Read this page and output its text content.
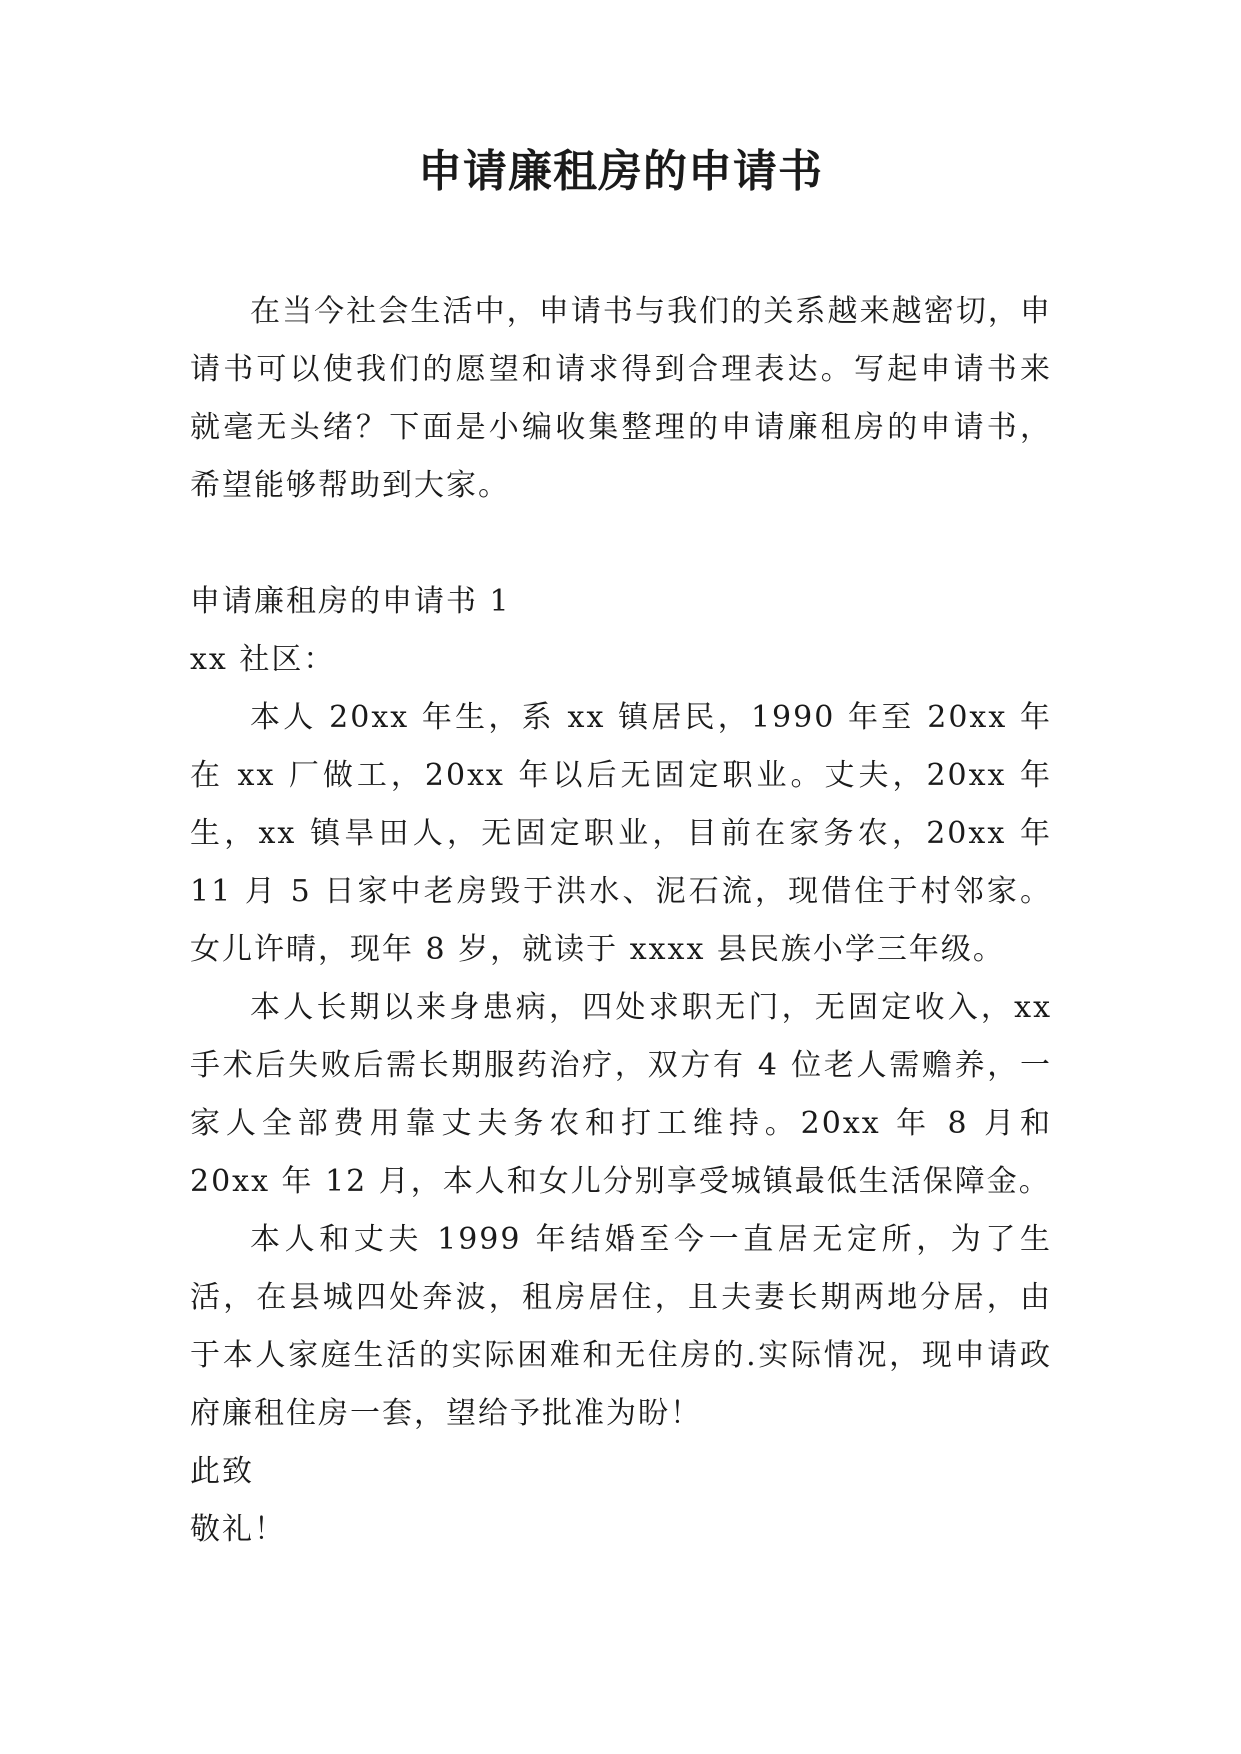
申请廉租房的申请书

在当今社会生活中，申请书与我们的关系越来越密切，申请书可以使我们的愿望和请求得到合理表达。写起申请书来就毫无头绪？下面是小编收集整理的申请廉租房的申请书，希望能够帮助到大家。

申请廉租房的申请书 1

xx 社区：

本人 20xx 年生，系 xx 镇居民，1990 年至 20xx 年在 xx 厂做工，20xx 年以后无固定职业。丈夫，20xx 年生，xx 镇旱田人，无固定职业，目前在家务农，20xx 年 11 月 5 日家中老房毁于洪水、泥石流，现借住于村邻家。女儿许晴，现年 8 岁，就读于 xxxx 县民族小学三年级。

本人长期以来身患病，四处求职无门，无固定收入，xx 手术后失败后需长期服药治疗，双方有 4 位老人需赡养，一家人全部费用靠丈夫务农和打工维持。20xx 年 8 月和 20xx 年 12 月，本人和女儿分别享受城镇最低生活保障金。

本人和丈夫 1999 年结婚至今一直居无定所，为了生活，在县城四处奔波，租房居住，且夫妻长期两地分居，由于本人家庭生活的实际困难和无住房的.实际情况，现申请政府廉租住房一套，望给予批准为盼！

此致

敬礼！
